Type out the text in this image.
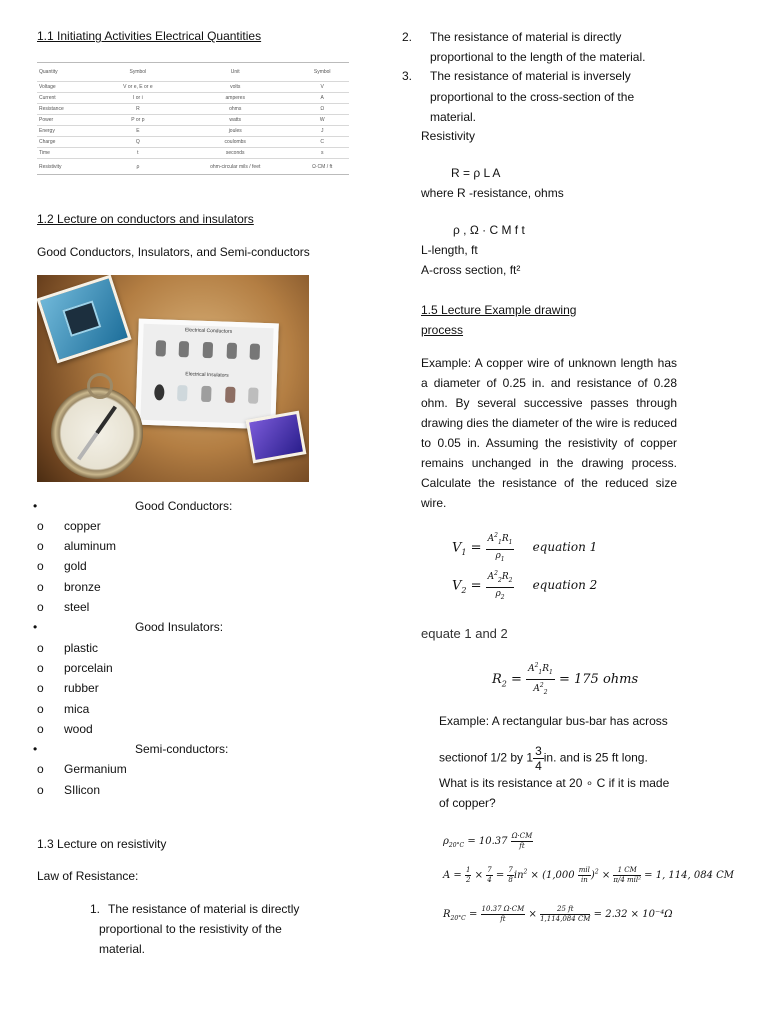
1.1 Initiating Activities Electrical Quantities
Quantity	Symbol	Unit	Symbol
Voltage	V or e, E or e	volts	V
Current	I or i	amperes	A
Resistance	R	ohms	Ω
Power	P or p	watts	W
Energy	E	joules	J
Charge	Q	coulombs	C
Time	t	seconds	s
Resistivity	ρ	ohm-circular mils / feet	Ω·CM / ft
1.2 Lecture on conductors and insulators
Good Conductors, Insulators, and Semi-conductors
Electrical Conductors
Electrical Insulators
•	Good Conductors:
o copper
o aluminum
o gold
o bronze
o steel
•	Good Insulators:
o plastic
o porcelain
o rubber
o mica
o wood
•	Semi-conductors:
o Germanium
o SIlicon
1.3 Lecture on resistivity
Law of Resistance:
1. The resistance of material is directly
proportional to the resistivity of the
material.
2. The resistance of material is directly
proportional to the length of the material.
3. The resistance of material is inversely
proportional to the cross-section of the
material.
Resistivity
R = ρ L A
where R -resistance, ohms
ρ , Ω · C M f t
L-length, ft
A-cross section, ft²
1.5 Lecture Example drawing
process
Example: A copper wire of unknown length has a diameter of 0.25 in. and resistance of 0.28 ohm. By several successive passes through drawing dies the diameter of the wire is reduced to 0.05 in. Assuming the resistivity of copper remains unchanged in the drawing process. Calculate the resistance of the reduced size wire.
$V_1 = \frac{A^2_1R_1}{\rho_1}$ equation 1
$V_2 = \frac{A^2_2R_2}{\rho_2}$ equation 2
equate 1 and 2
$R_2 = \frac{A^2_1R_1}{A^2_2} = 175$ ohms
Example: A rectangular bus-bar has across
sectionof 1/2 by $1 \frac{3}{4}$ in. and is 25 ft long.
What is its resistance at 20 ∘ C if it is made
of copper?
$\rho_{20^\circ C} = 10.37 \frac{\Omega\cdot CM}{ft}$
$A = \frac{1}{2} \times \frac{7}{4} = \frac{7}{8} in^2 \times (1,000$ mil
in )$^2$ × 1 CM
π/4 mil² = 1, 114, 084 CM
$R_{20^\circ C} = \frac{10.37 \Omega\cdot CM}{ft} \times \frac{25 ft}{1,114,084 CM} = 2.32 \times 10^{-4}\Omega$
